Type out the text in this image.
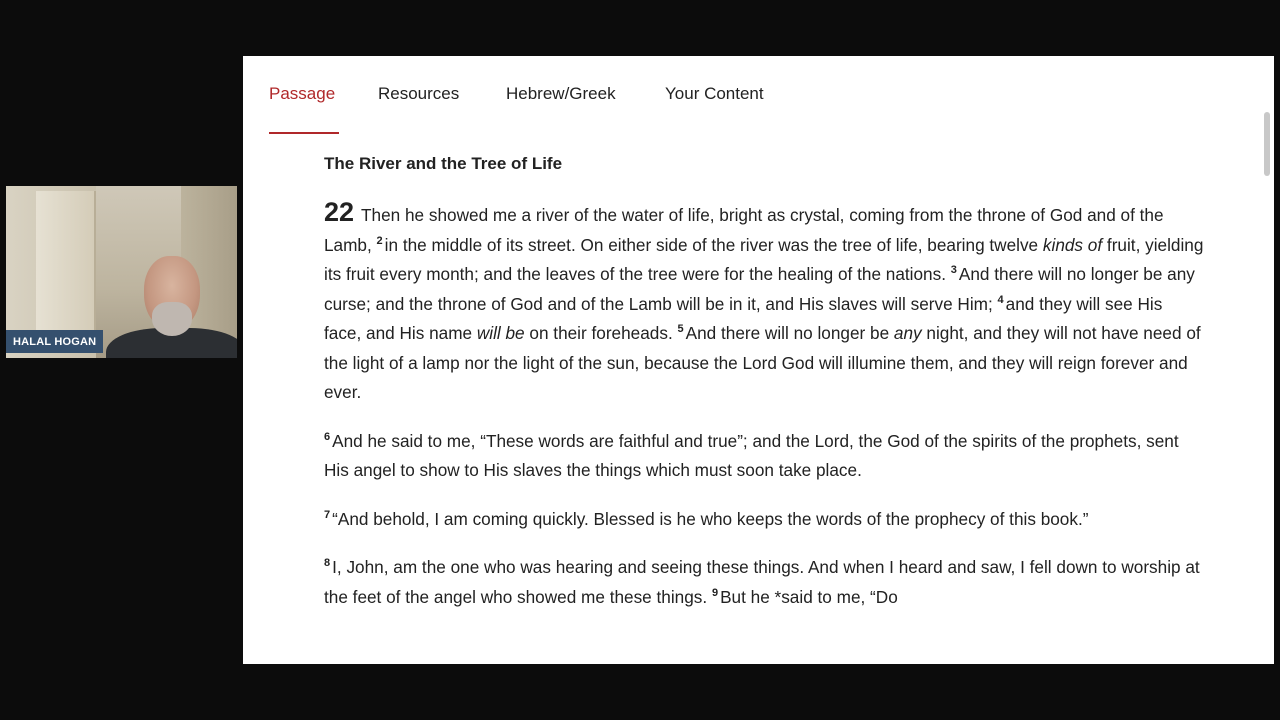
HALAL HOGAN
Passage	Resources	Hebrew/Greek	Your Content
The River and the Tree of Life
22 Then he showed me a river of the water of life, bright as crystal, coming from the throne of God and of the Lamb, $^2$ in the middle of its street. On either side of the river was the tree of life, bearing twelve kinds of fruit, yielding its fruit every month; and the leaves of the tree were for the healing of the nations. $^3$ And there will no longer be any curse; and the throne of God and of the Lamb will be in it, and His slaves will serve Him; $^4$ and they will see His face, and His name will be on their foreheads. $^5$ And there will no longer be any night, and they will not have need of the light of a lamp nor the light of the sun, because the Lord God will illumine them, and they will reign forever and ever.
$^6$ And he said to me, “These words are faithful and true”; and the Lord, the God of the spirits of the prophets, sent His angel to show to His slaves the things which must soon take place.
$^7$ “And behold, I am coming quickly. Blessed is he who keeps the words of the prophecy of this book.”
$^8$ I, John, am the one who was hearing and seeing these things. And when I heard and saw, I fell down to worship at the feet of the angel who showed me these things. $^9$ But he *said to me, “Do
